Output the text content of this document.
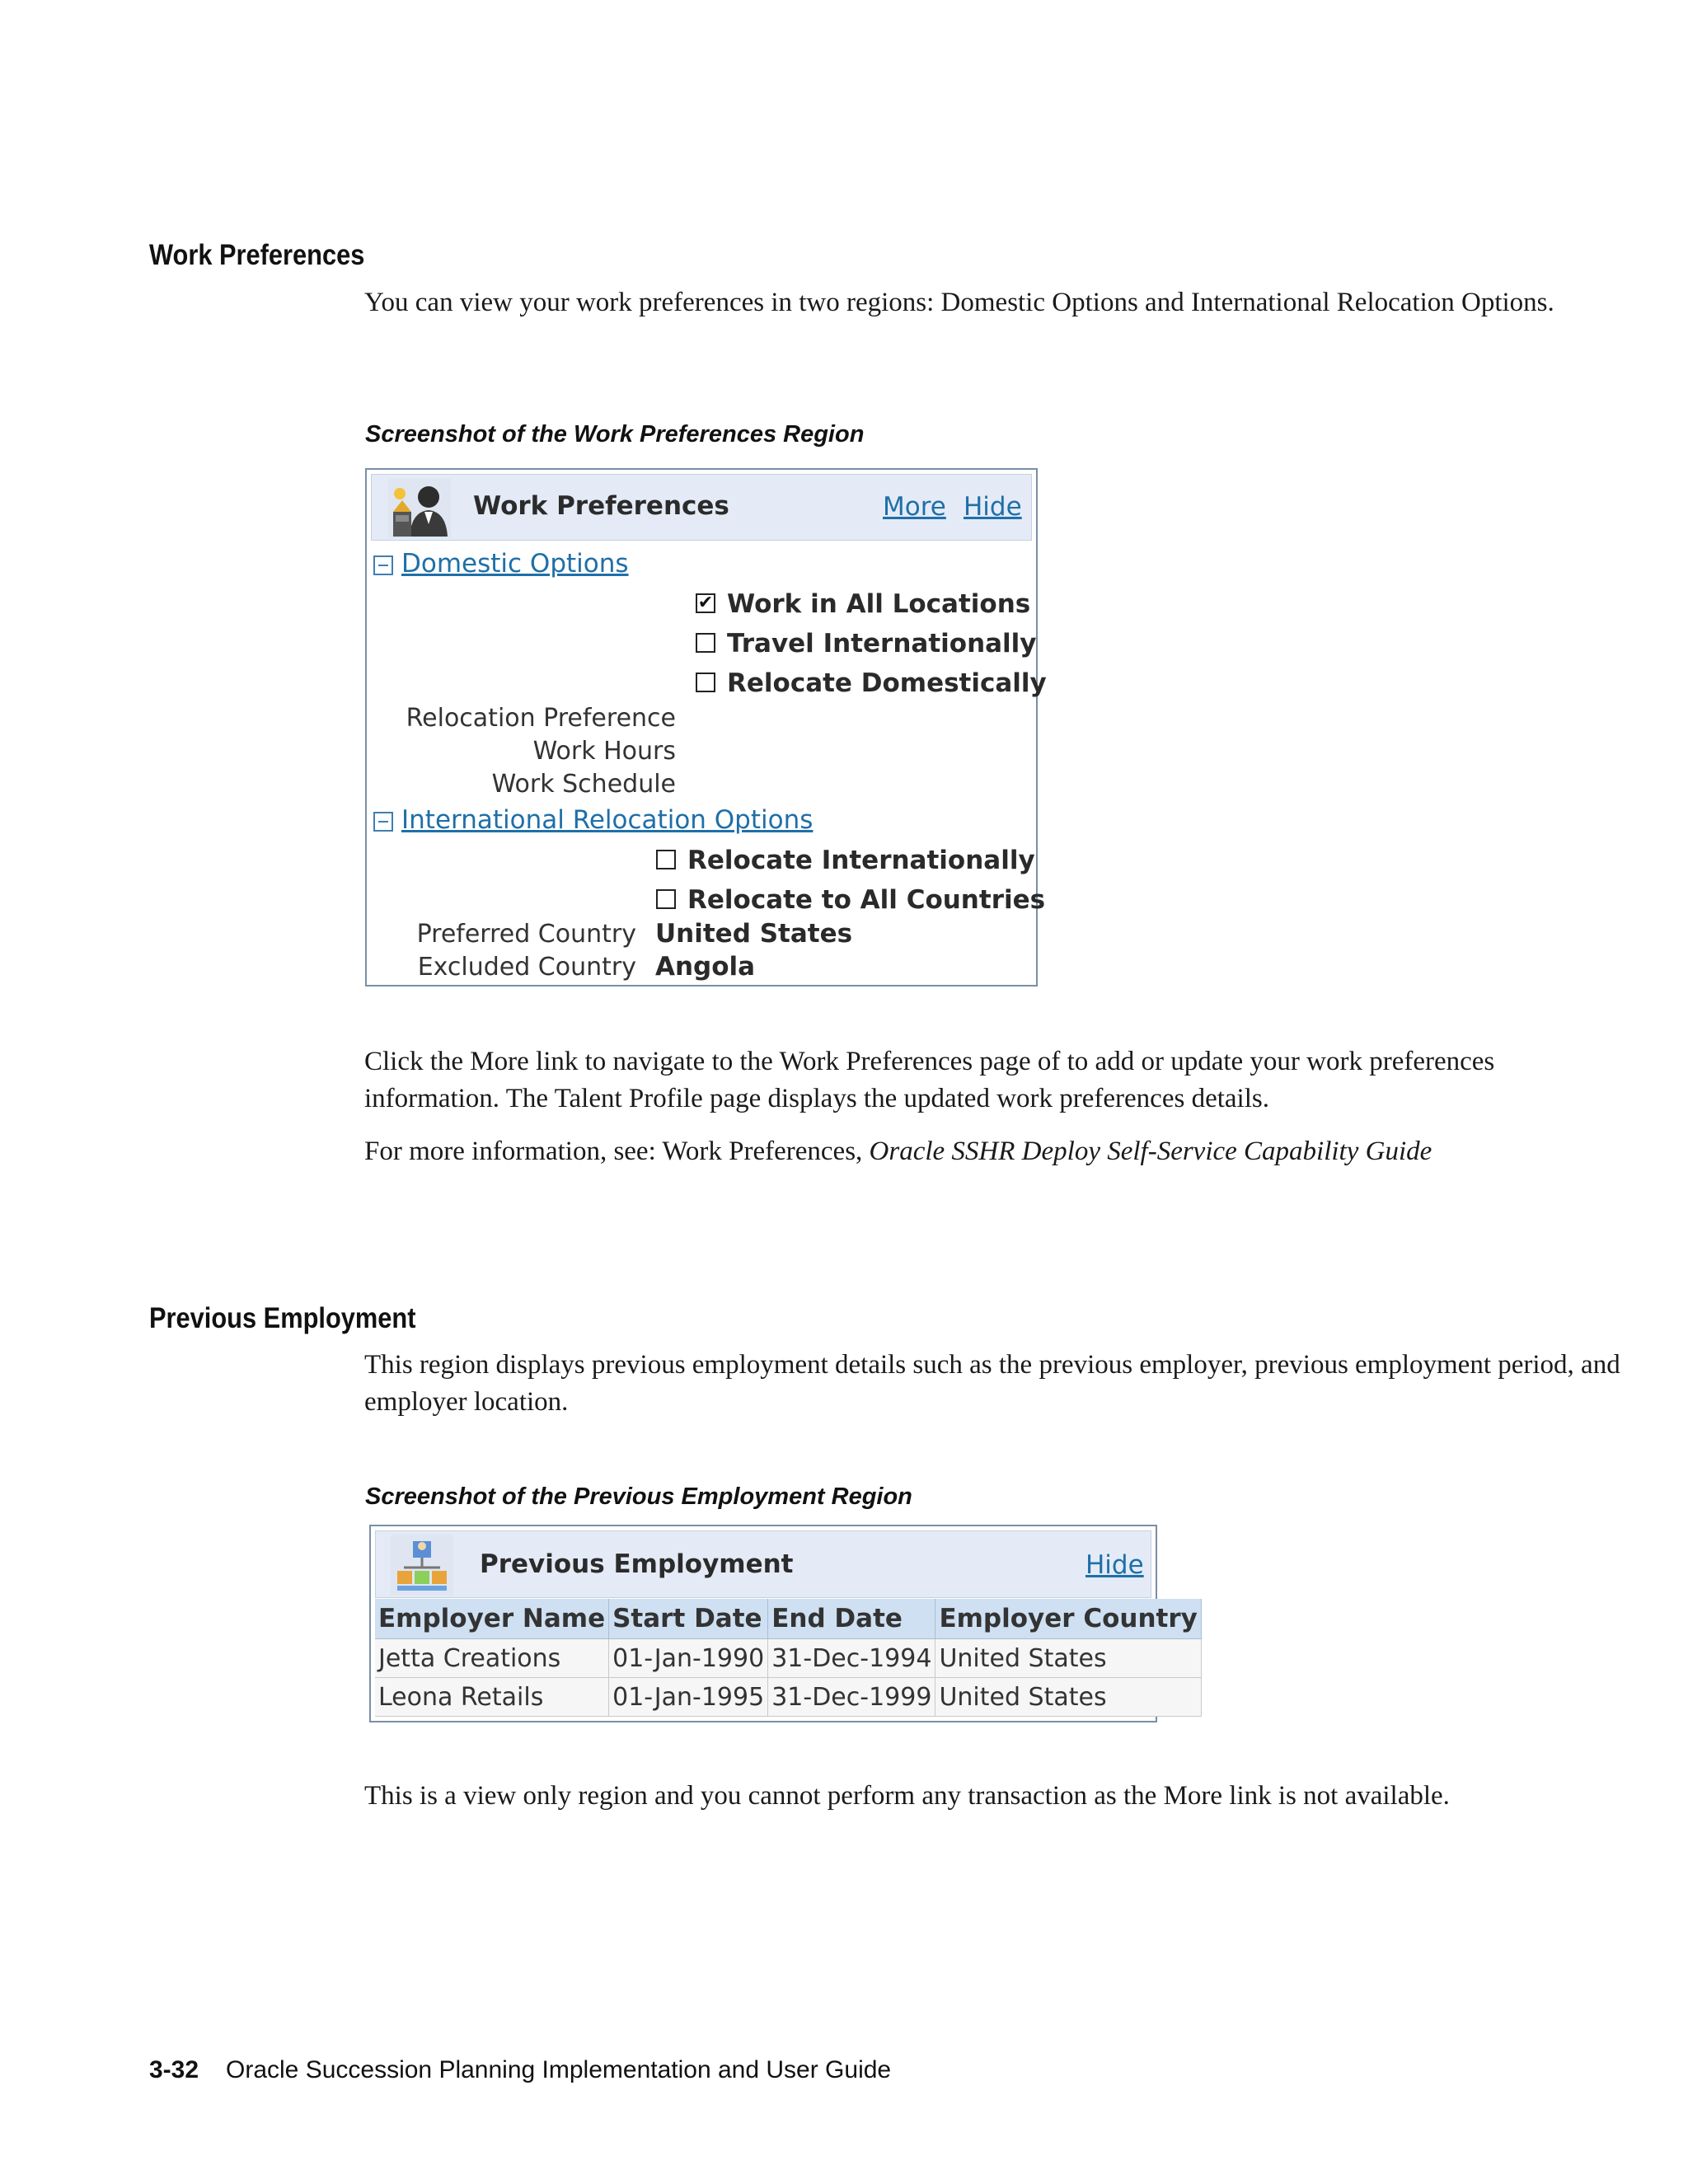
Work Preferences

You can view your work preferences in two regions: Domestic Options and International Relocation Options.

Screenshot of the Work Preferences Region
Work Preferences	More Hide
Domestic Options
✔ Work in All Locations
Travel Internationally
Relocate Domestically
Relocation Preference
Work Hours
Work Schedule
International Relocation Options
Relocate Internationally
Relocate to All Countries
Preferred Country United States
Excluded Country Angola

Click the More link to navigate to the Work Preferences page of to add or update your work preferences information. The Talent Profile page displays the updated work preferences details.

For more information, see: Work Preferences, Oracle SSHR Deploy Self-Service Capability Guide

Previous Employment

This region displays previous employment details such as the previous employer, previous employment period, and employer location.

Screenshot of the Previous Employment Region
Previous Employment	Hide
Employer Name	Start Date	End Date	Employer Country
Jetta Creations	01-Jan-1990	31-Dec-1994	United States
Leona Retails	01-Jan-1995	31-Dec-1999	United States

This is a view only region and you cannot perform any transaction as the More link is not available.

3-32 Oracle Succession Planning Implementation and User Guide
